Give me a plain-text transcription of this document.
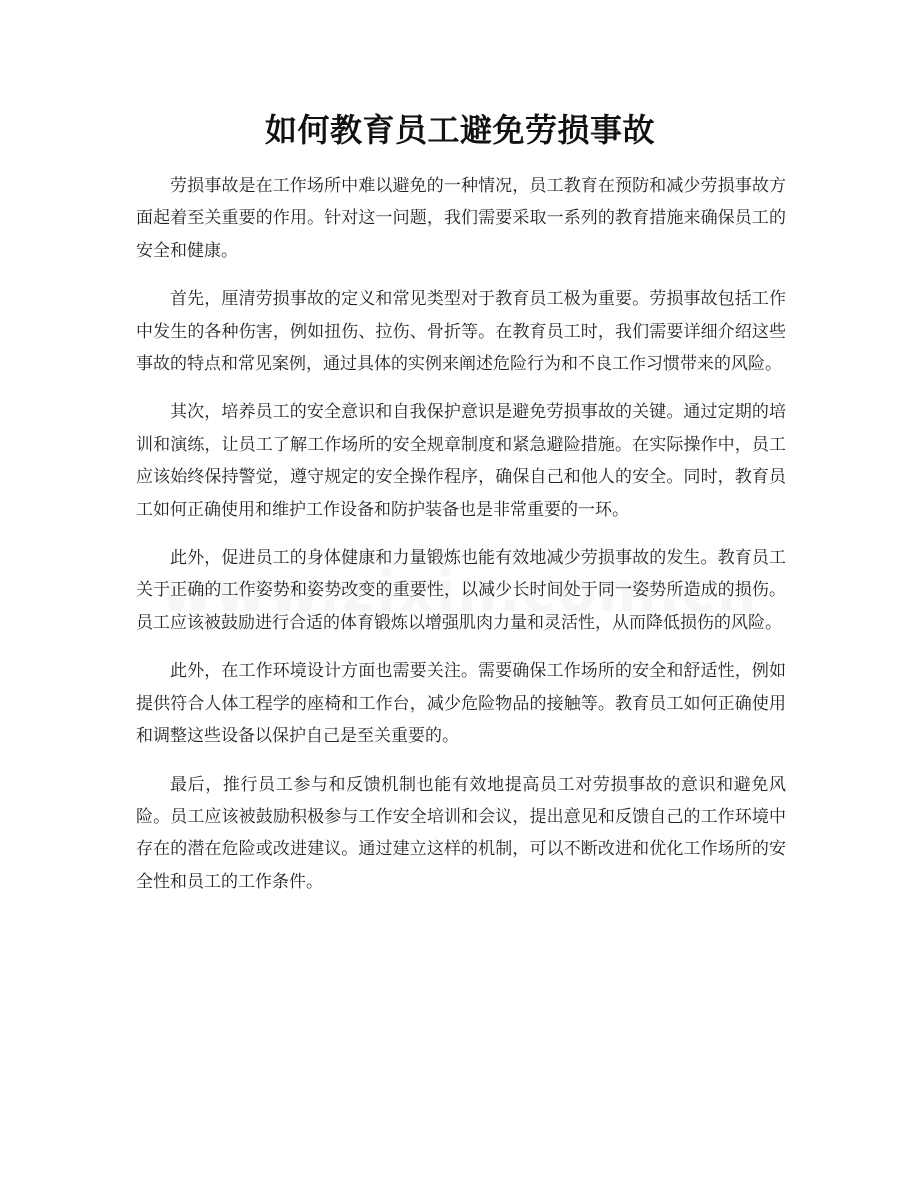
如何教育员工避免劳损事故

劳损事故是在工作场所中难以避免的一种情况，员工教育在预防和减少劳损事故方面起着至关重要的作用。针对这一问题，我们需要采取一系列的教育措施来确保员工的安全和健康。

首先，厘清劳损事故的定义和常见类型对于教育员工极为重要。劳损事故包括工作中发生的各种伤害，例如扭伤、拉伤、骨折等。在教育员工时，我们需要详细介绍这些事故的特点和常见案例，通过具体的实例来阐述危险行为和不良工作习惯带来的风险。

其次，培养员工的安全意识和自我保护意识是避免劳损事故的关键。通过定期的培训和演练，让员工了解工作场所的安全规章制度和紧急避险措施。在实际操作中，员工应该始终保持警觉，遵守规定的安全操作程序，确保自己和他人的安全。同时，教育员工如何正确使用和维护工作设备和防护装备也是非常重要的一环。

此外，促进员工的身体健康和力量锻炼也能有效地减少劳损事故的发生。教育员工关于正确的工作姿势和姿势改变的重要性，以减少长时间处于同一姿势所造成的损伤。员工应该被鼓励进行合适的体育锻炼以增强肌肉力量和灵活性，从而降低损伤的风险。

此外，在工作环境设计方面也需要关注。需要确保工作场所的安全和舒适性，例如提供符合人体工程学的座椅和工作台，减少危险物品的接触等。教育员工如何正确使用和调整这些设备以保护自己是至关重要的。

最后，推行员工参与和反馈机制也能有效地提高员工对劳损事故的意识和避免风险。员工应该被鼓励积极参与工作安全培训和会议，提出意见和反馈自己的工作环境中存在的潜在危险或改进建议。通过建立这样的机制，可以不断改进和优化工作场所的安全性和员工的工作条件。
